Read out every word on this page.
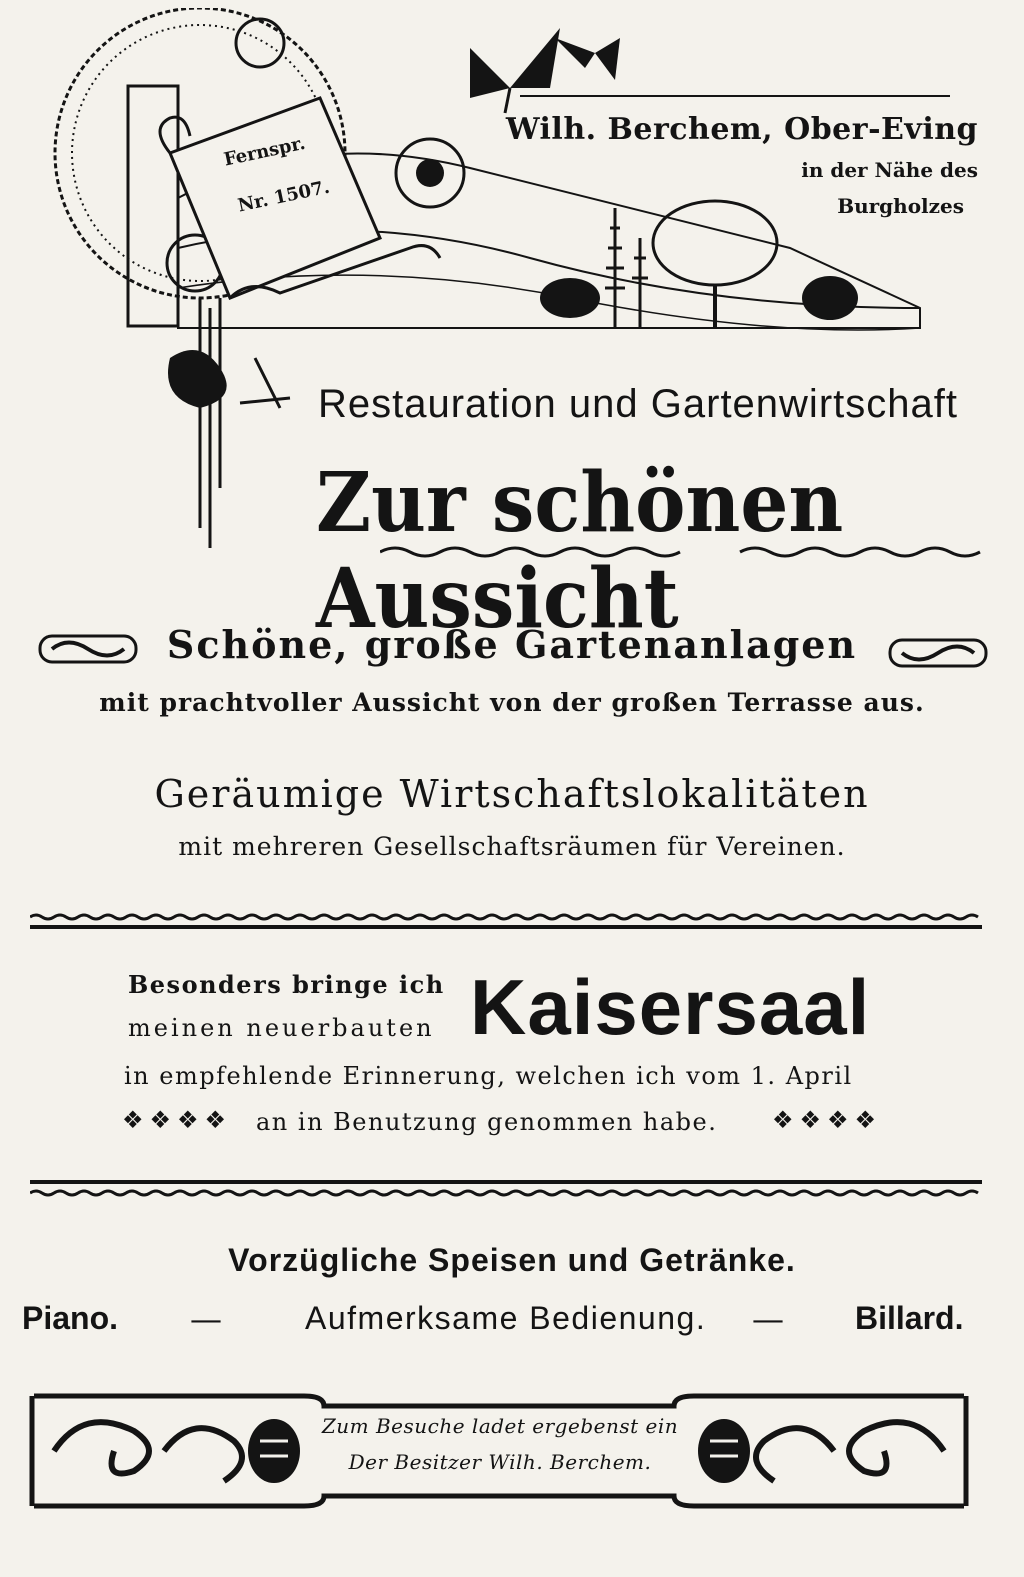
Fernspr.
Nr. 1507.
Wilh. Berchem, Ober-Eving
in der Nähe des
Burgholzes
Restauration und Gartenwirtschaft
Zur schönen Aussicht
Schöne, große Gartenanlagen
mit prachtvoller Aussicht von der großen Terrasse aus.
Geräumige Wirtschaftslokalitäten
mit mehreren Gesellschaftsräumen für Vereinen.
Besonders bringe ich
meinen neuerbauten Kaisersaal
in empfehlende Erinnerung, welchen ich vom 1. April
❖❖❖❖ an in Benutzung genommen habe. ❖❖❖❖
Vorzügliche Speisen und Getränke.
Piano. —	Aufmerksame Bedienung. — Billard.
Zum Besuche ladet ergebenst ein
Der Besitzer Wilh. Berchem.
